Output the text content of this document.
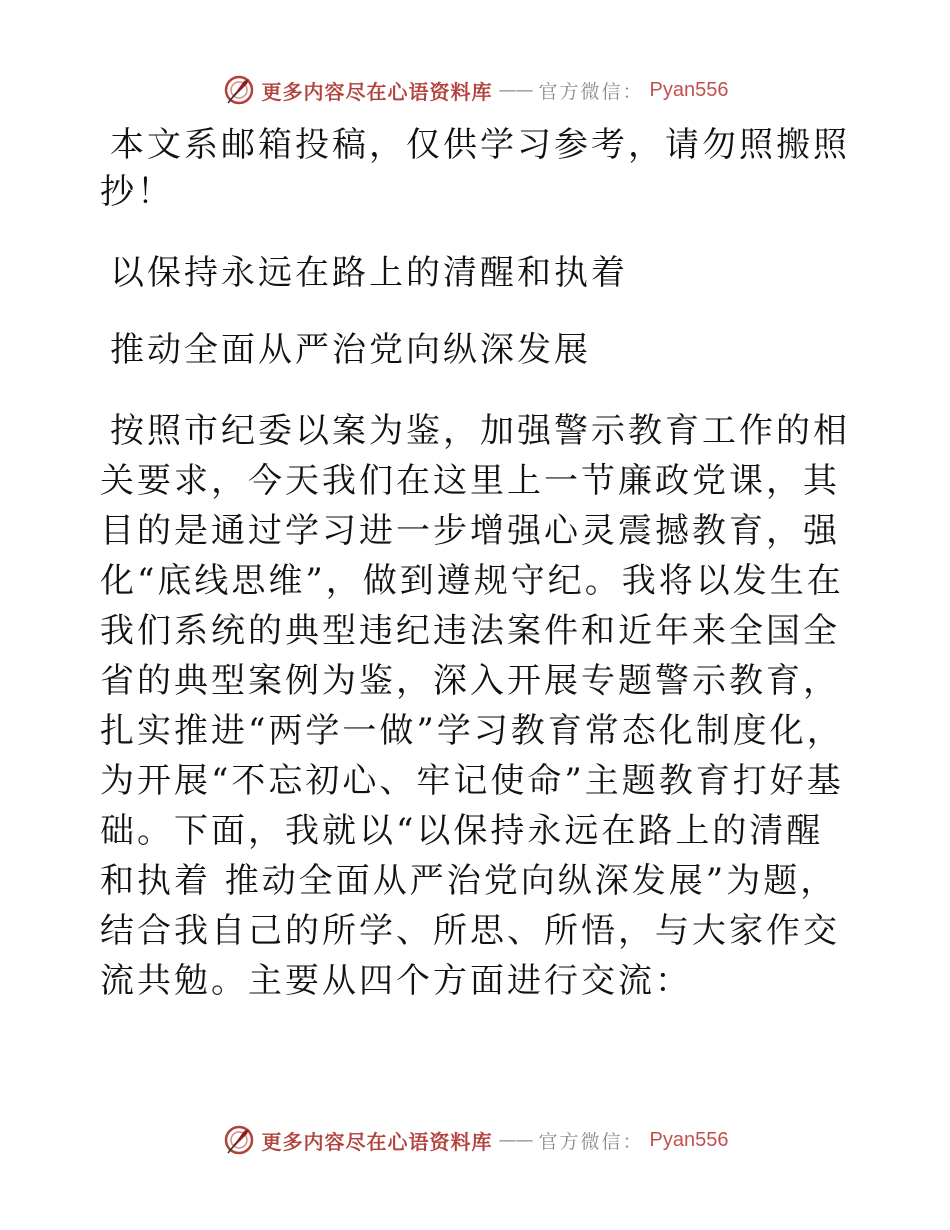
更多内容尽在心语资料库 —— 官方微信： Pyan556

本文系邮箱投稿，仅供学习参考，请勿照搬照抄！

以保持永远在路上的清醒和执着

推动全面从严治党向纵深发展

按照市纪委以案为鉴，加强警示教育工作的相关要求，今天我们在这里上一节廉政党课，其目的是通过学习进一步增强心灵震撼教育，强化“底线思维”，做到遵规守纪。我将以发生在我们系统的典型违纪违法案件和近年来全国全省的典型案例为鉴，深入开展专题警示教育，扎实推进“两学一做”学习教育常态化制度化，为开展“不忘初心、牢记使命”主题教育打好基础。下面，我就以“以保持永远在路上的清醒和执着 推动全面从严治党向纵深发展”为题，结合我自己的所学、所思、所悟，与大家作交流共勉。主要从四个方面进行交流：

更多内容尽在心语资料库 —— 官方微信： Pyan556
